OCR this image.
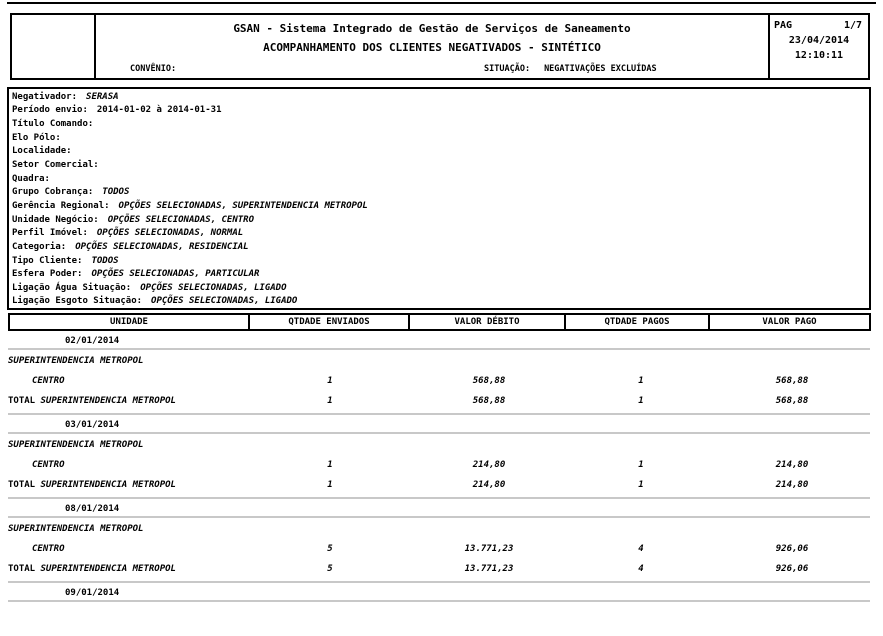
GSAN - Sistema Integrado de Gestão de Serviços de Saneamento
ACOMPANHAMENTO DOS CLIENTES NEGATIVADOS - SINTÉTICO

CONVÊNIO:

	SITUAÇÃO: NEGATIVAÇÕES EXCLUÍDAS

PAG	1/7
23/04/2014
12:10:11
Negativador: SERASA
Período envio: 2014-01-02 à 2014-01-31
Título Comando:
Elo Pólo:
Localidade:
Setor Comercial:
Quadra:
Grupo Cobrança: TODOS
Gerência Regional: OPÇÕES SELECIONADAS, SUPERINTENDENCIA METROPOL
Unidade Negócio: OPÇÕES SELECIONADAS, CENTRO
Perfil Imóvel: OPÇÕES SELECIONADAS, NORMAL
Categoria: OPÇÕES SELECIONADAS, RESIDENCIAL
Tipo Cliente: TODOS
Esfera Poder: OPÇÕES SELECIONADAS, PARTICULAR
Ligação Água Situação: OPÇÕES SELECIONADAS, LIGADO
Ligação Esgoto Situação: OPÇÕES SELECIONADAS, LIGADO
UNIDADE	QTDADE ENVIADOS	VALOR DÉBITO	QTDADE PAGOS	VALOR PAGO
02/01/2014
SUPERINTENDENCIA METROPOL
CENTRO	1	568,88	1	568,88
TOTAL SUPERINTENDENCIA METROPOL	1	568,88	1	568,88
03/01/2014
SUPERINTENDENCIA METROPOL
CENTRO	1	214,80	1	214,80
TOTAL SUPERINTENDENCIA METROPOL	1	214,80	1	214,80
08/01/2014
SUPERINTENDENCIA METROPOL
CENTRO	5	13.771,23	4	926,06
TOTAL SUPERINTENDENCIA METROPOL	5	13.771,23	4	926,06
09/01/2014
